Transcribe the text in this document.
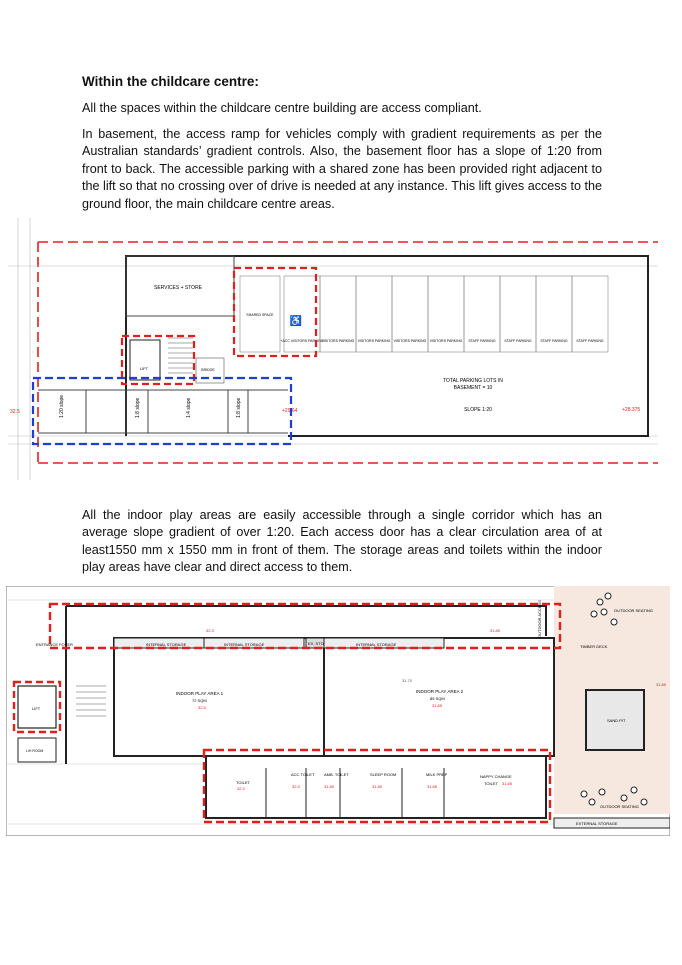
Within the childcare centre:
All the spaces within the childcare centre building are access compliant.
In basement, the access ramp for vehicles comply with gradient requirements as per the Australian standards’ gradient controls. Also, the basement floor has a slope of 1:20 from front to back. The accessible parking with a shared zone has been provided right adjacent to the lift so that no crossing over of drive is needed at any instance. This lift gives access to the ground floor, the main childcare centre areas.
All the indoor play areas are easily accessible through a single corridor which has an average slope gradient of over 1:20. Each access door has a clear circulation area of at least1550 mm x 1550 mm in front of them. The storage areas and toilets within the indoor play areas have clear and direct access to them.
SERVICES + STORE
1:20 slope	1:8 slope	1:4 slope	1:8 slope
32.5	+29.64	+28.375
LIFT	BRIDGE
SHARED SPACE
♿
+ACC VISITORS PARKING
VISITORS PARKING VISITORS PARKING VISITORS PARKING VISITORS PARKING STAFF PARKING STAFF PARKING STAFF PARKING STAFF PARKING
TOTAL PARKING LOTS IN
BASEMENT = 10
SLOPE 1:20
INTERNAL STORAGE	INTERNAL STORAGE	EX. STO	INTERNAL STORAGE
32.3	31.85
31.70
OUTDOOR ACCESS
ENTRANCE FOYER
LIFT
L/H ROOM
INDOOR PLAY AREA 1
72 SQM
32.5
INDOOR PLAY AREA 2
85 SQM
31.85
TOILET
32.3
ACC TOILET
32.3
AMB. TOILET
31.85
SLEEP ROOM
31.85
MILK PREP
31.85
NAPPY CHANGE
TOILET 31.85
OUTDOOR SEATING
TIMBER DECK
SAND PIT
31.85
OUTDOOR SEATING
EXTERNAL STORAGE
